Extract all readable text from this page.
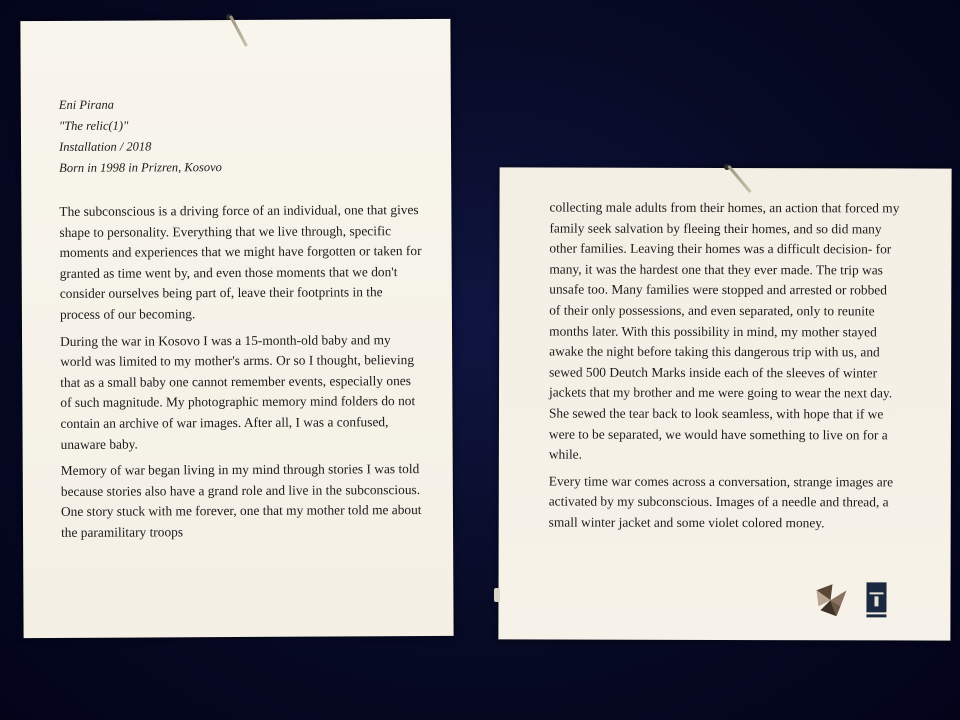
Eni Pirana
"The relic(1)"
Installation / 2018
Born in 1998 in Prizren, Kosovo

The subconscious is a driving force of an individual, one that gives shape to personality. Everything that we live through, specific moments and experiences that we might have forgotten or taken for granted as time went by, and even those moments that we don't consider ourselves being part of, leave their footprints in the process of our becoming.

During the war in Kosovo I was a 15-month-old baby and my world was limited to my mother's arms. Or so I thought, believing that as a small baby one cannot remember events, especially ones of such magnitude. My photographic memory mind folders do not contain an archive of war images. After all, I was a confused, unaware baby.

Memory of war began living in my mind through stories I was told because stories also have a grand role and live in the subconscious. One story stuck with me forever, one that my mother told me about the paramilitary troops

collecting male adults from their homes, an action that forced my family seek salvation by fleeing their homes, and so did many other families. Leaving their homes was a difficult decision- for many, it was the hardest one that they ever made. The trip was unsafe too. Many families were stopped and arrested or robbed of their only possessions, and even separated, only to reunite months later. With this possibility in mind, my mother stayed awake the night before taking this dangerous trip with us, and sewed 500 Deutch Marks inside each of the sleeves of winter jackets that my brother and me were going to wear the next day. She sewed the tear back to look seamless, with hope that if we were to be separated, we would have something to live on for a while.

Every time war comes across a conversation, strange images are activated by my subconscious. Images of a needle and thread, a small winter jacket and some violet colored money.
